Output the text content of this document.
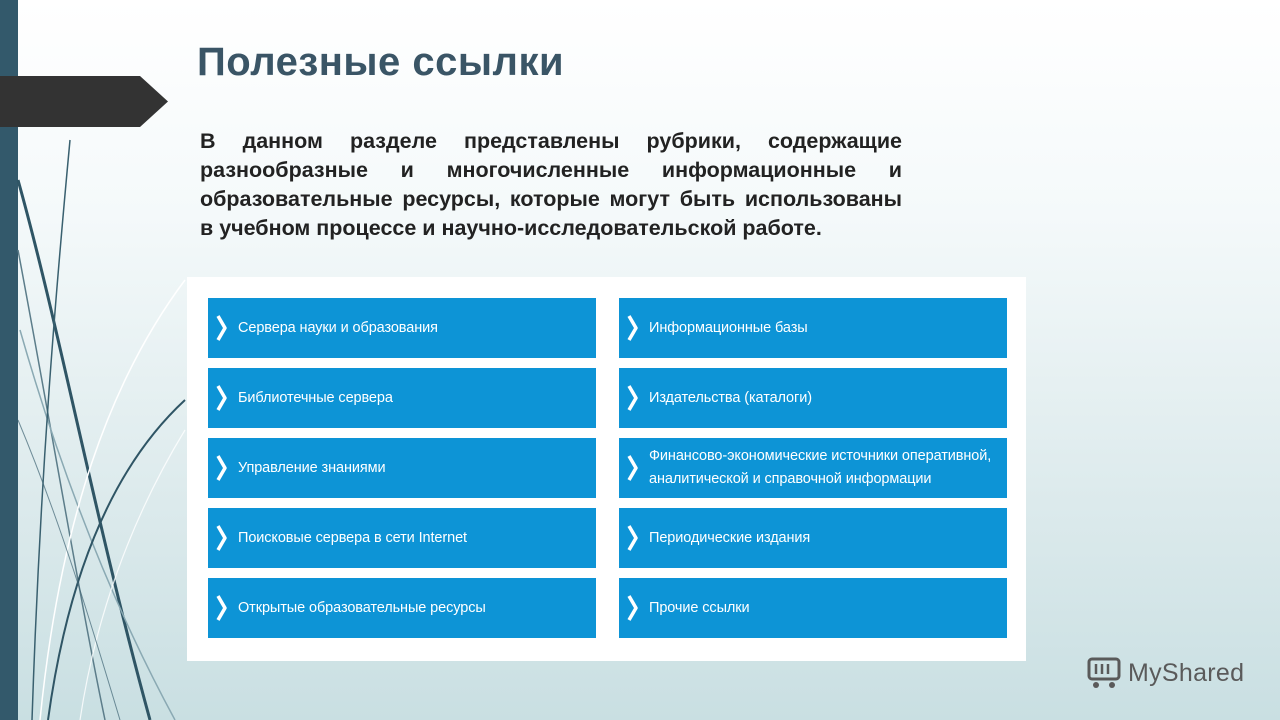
Полезные ссылки

В данном разделе представлены рубрики, содержащие разнообразные и многочисленные информационные и образовательные ресурсы, которые могут быть использованы в учебном процессе и научно-исследовательской работе.

Сервера науки и образования
Библиотечные сервера
Управление знаниями
Поисковые сервера в сети Internet
Открытые образовательные ресурсы
Информационные базы
Издательства (каталоги)
Финансово-экономические источники оперативной, аналитической и справочной информации
Периодические издания
Прочие ссылки
MyShared
